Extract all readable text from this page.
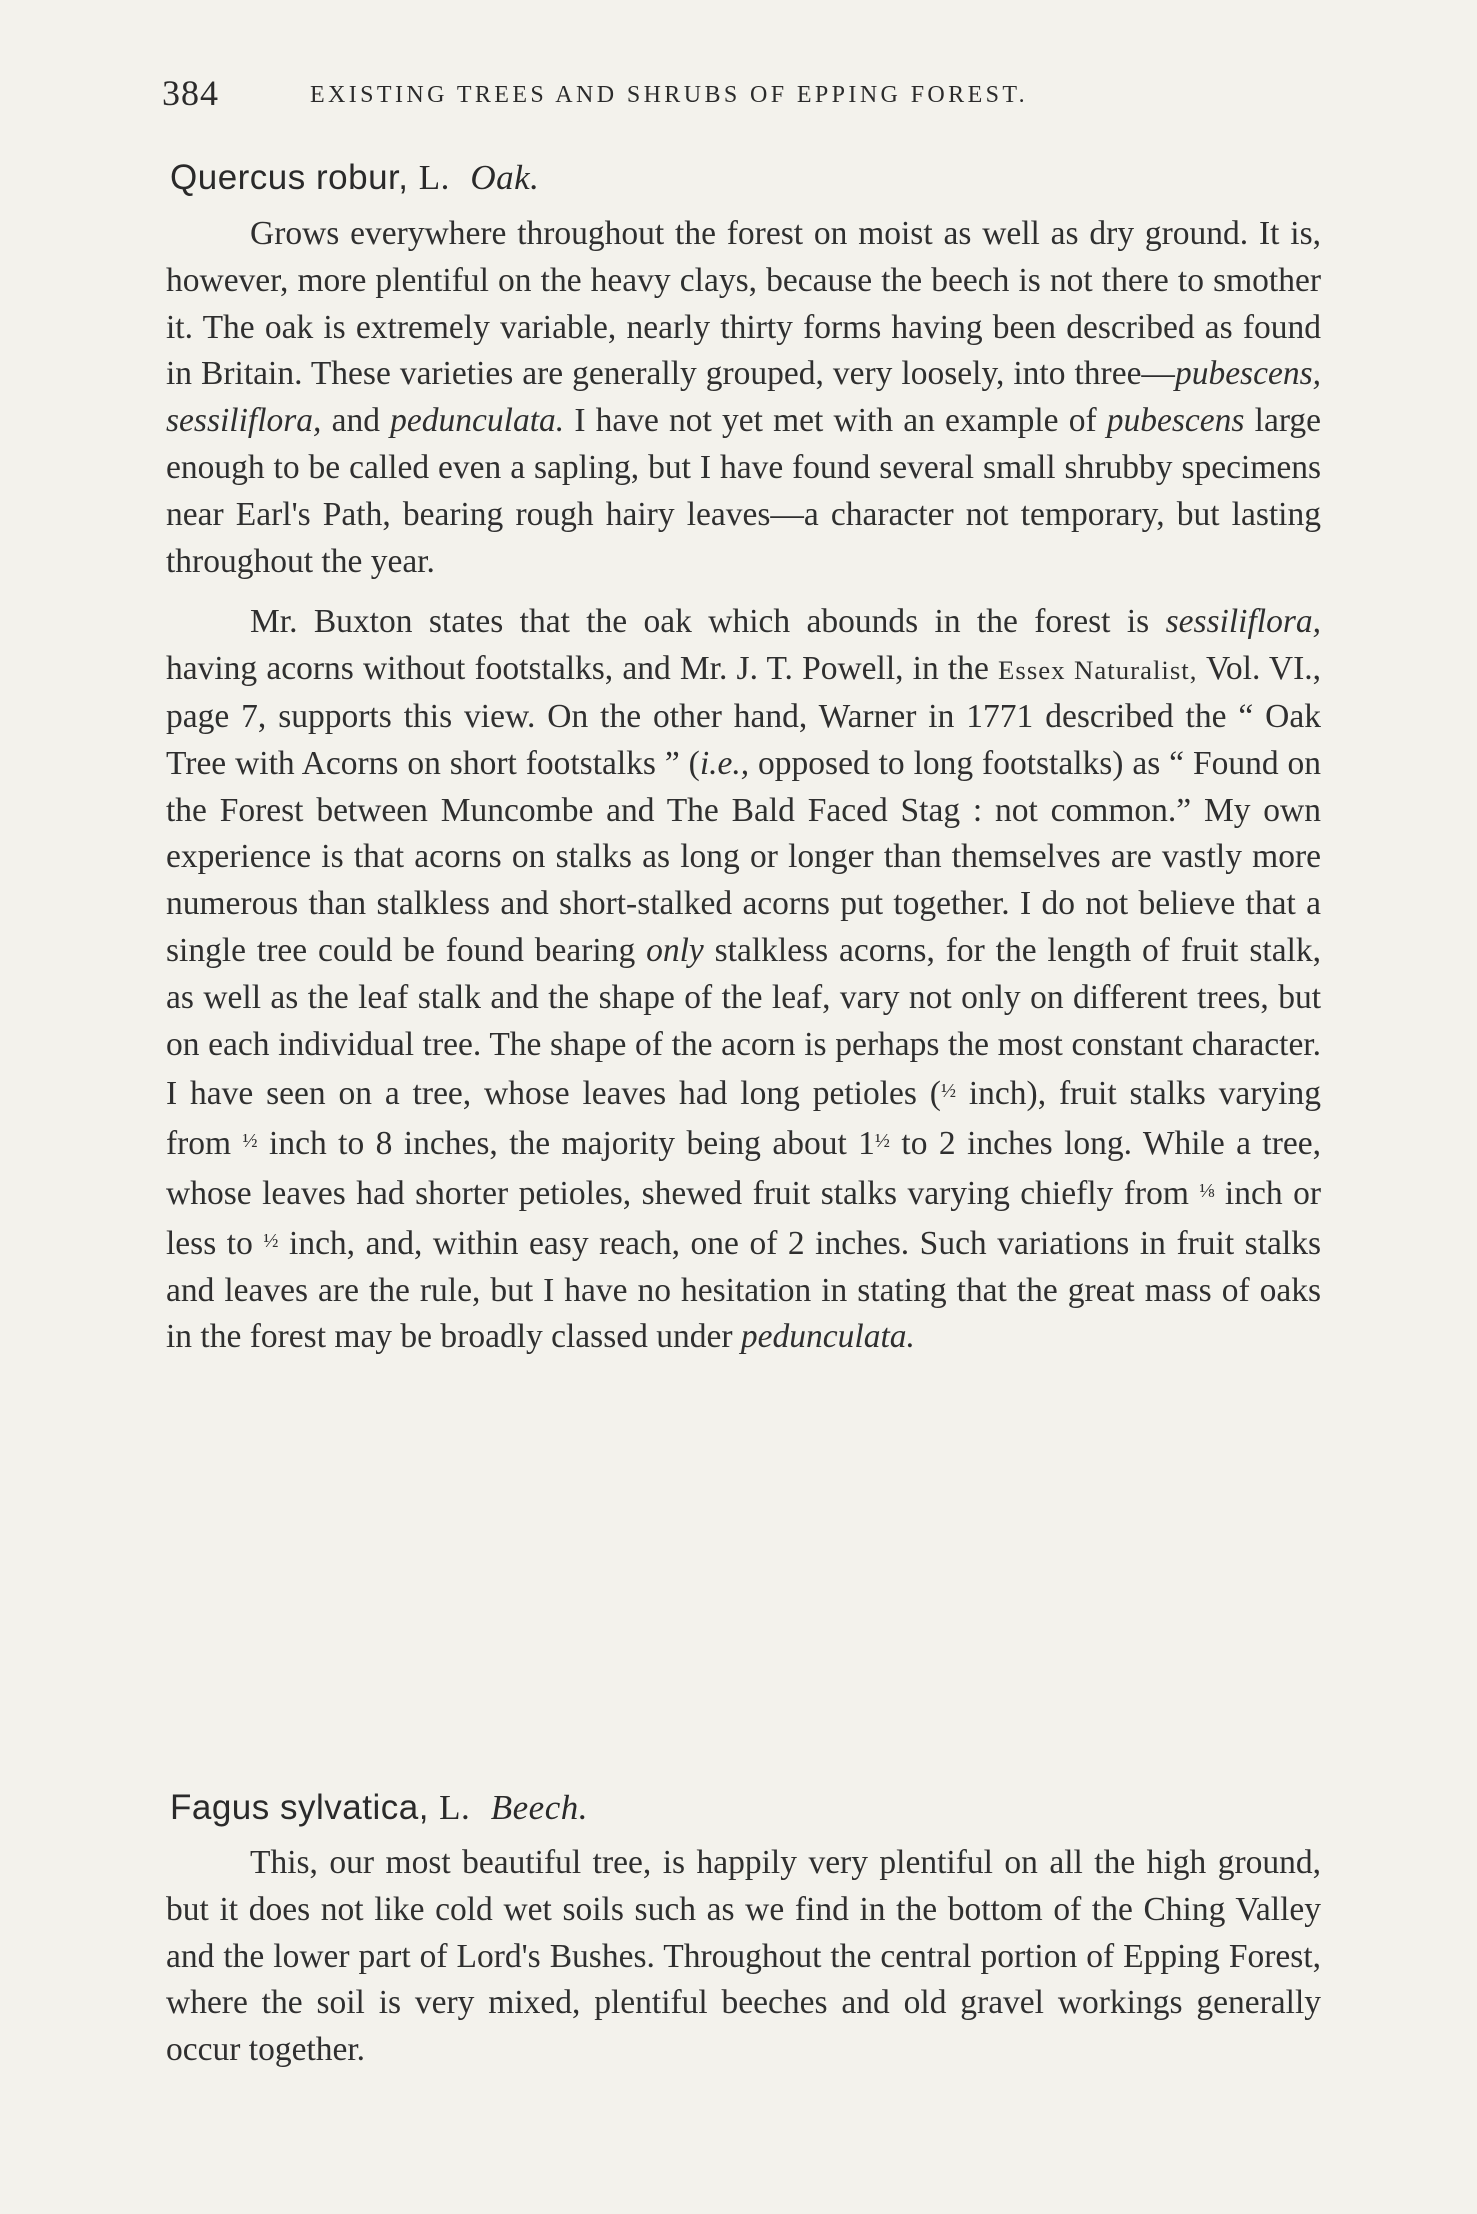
384	EXISTING TREES AND SHRUBS OF EPPING FOREST.
Quercus robur, L. Oak.

Grows everywhere throughout the forest on moist as well as dry ground. It is, however, more plentiful on the heavy clays, because the beech is not there to smother it. The oak is extremely variable, nearly thirty forms having been described as found in Britain. These varieties are generally grouped, very loosely, into three—pubescens, sessiliflora, and pedunculata. I have not yet met with an example of pubescens large enough to be called even a sapling, but I have found several small shrubby specimens near Earl's Path, bearing rough hairy leaves—a character not temporary, but lasting throughout the year.

Mr. Buxton states that the oak which abounds in the forest is sessiliflora, having acorns without footstalks, and Mr. J. T. Powell, in the Essex Naturalist, Vol. VI., page 7, supports this view. On the other hand, Warner in 1771 described the “ Oak Tree with Acorns on short footstalks ” (i.e., opposed to long footstalks) as “ Found on the Forest between Muncombe and The Bald Faced Stag : not common.” My own experience is that acorns on stalks as long or longer than themselves are vastly more numerous than stalkless and short-stalked acorns put together. I do not believe that a single tree could be found bearing only stalkless acorns, for the length of fruit stalk, as well as the leaf stalk and the shape of the leaf, vary not only on different trees, but on each individual tree. The shape of the acorn is perhaps the most constant character. I have seen on a tree, whose leaves had long petioles ($^{\frac{1}{2}}$ inch), fruit stalks varying from $^{\frac{1}{2}}$ inch to 8 inches, the majority being about $1^{\frac{1}{2}}$ to 2 inches long. While a tree, whose leaves had shorter petioles, shewed fruit stalks varying chiefly from $^{\frac{1}{8}}$ inch or less to $^{\frac{1}{2}}$ inch, and, within easy reach, one of 2 inches. Such variations in fruit stalks and leaves are the rule, but I have no hesitation in stating that the great mass of oaks in the forest may be broadly classed under pedunculata.

Fagus sylvatica, L. Beech.

This, our most beautiful tree, is happily very plentiful on all the high ground, but it does not like cold wet soils such as we find in the bottom of the Ching Valley and the lower part of Lord's Bushes. Throughout the central portion of Epping Forest, where the soil is very mixed, plentiful beeches and old gravel workings generally occur together.
